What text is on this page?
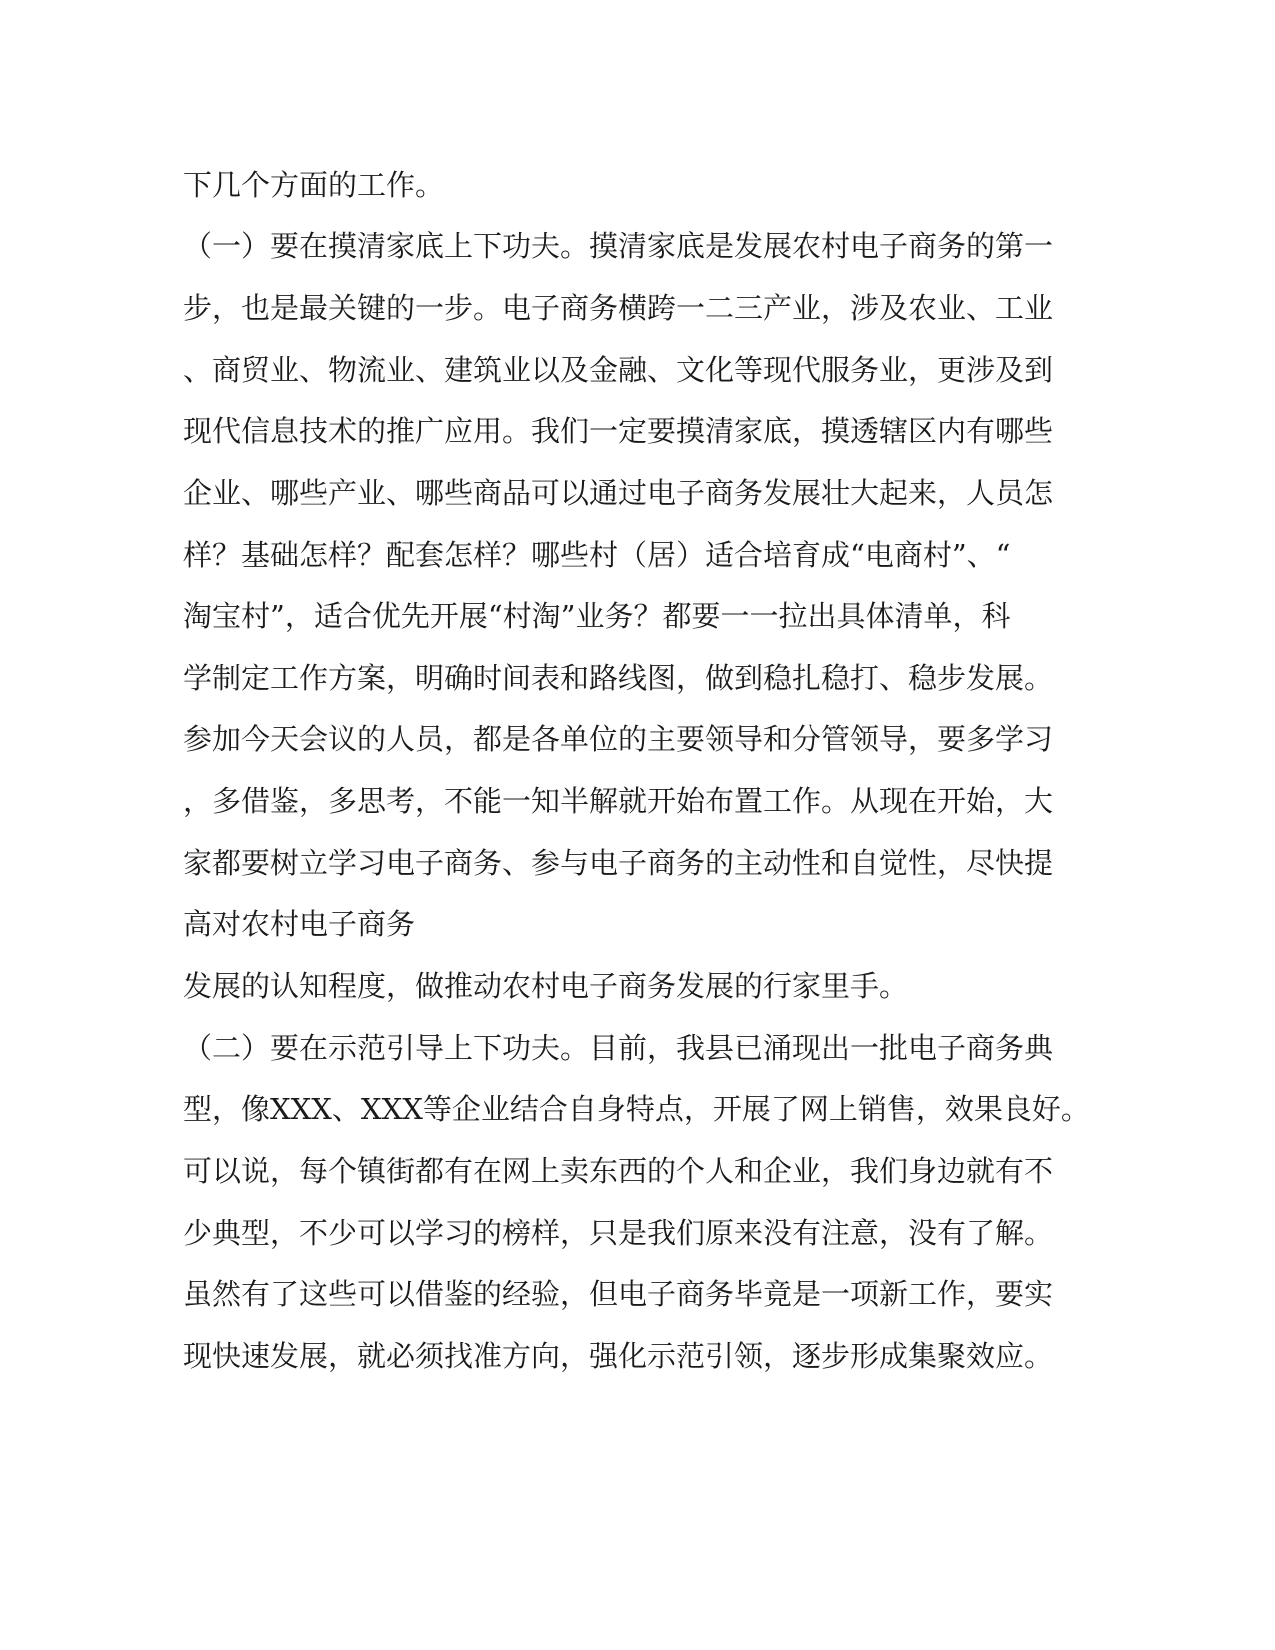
下几个方面的工作。
（一）要在摸清家底上下功夫。摸清家底是发展农村电子商务的第一
步，也是最关键的一步。电子商务横跨一二三产业，涉及农业、工业
、商贸业、物流业、建筑业以及金融、文化等现代服务业，更涉及到
现代信息技术的推广应用。我们一定要摸清家底，摸透辖区内有哪些
企业、哪些产业、哪些商品可以通过电子商务发展壮大起来，人员怎
样？基础怎样？配套怎样？哪些村（居）适合培育成“电商村”、“
淘宝村”，适合优先开展“村淘”业务？都要一一拉出具体清单，科
学制定工作方案，明确时间表和路线图，做到稳扎稳打、稳步发展。
参加今天会议的人员，都是各单位的主要领导和分管领导，要多学习
，多借鉴，多思考，不能一知半解就开始布置工作。从现在开始，大
家都要树立学习电子商务、参与电子商务的主动性和自觉性，尽快提
高对农村电子商务
发展的认知程度，做推动农村电子商务发展的行家里手。
（二）要在示范引导上下功夫。目前，我县已涌现出一批电子商务典
型，像XXX、XXX等企业结合自身特点，开展了网上销售，效果良好。
可以说，每个镇街都有在网上卖东西的个人和企业，我们身边就有不
少典型，不少可以学习的榜样，只是我们原来没有注意，没有了解。
虽然有了这些可以借鉴的经验，但电子商务毕竟是一项新工作，要实
现快速发展，就必须找准方向，强化示范引领，逐步形成集聚效应。
